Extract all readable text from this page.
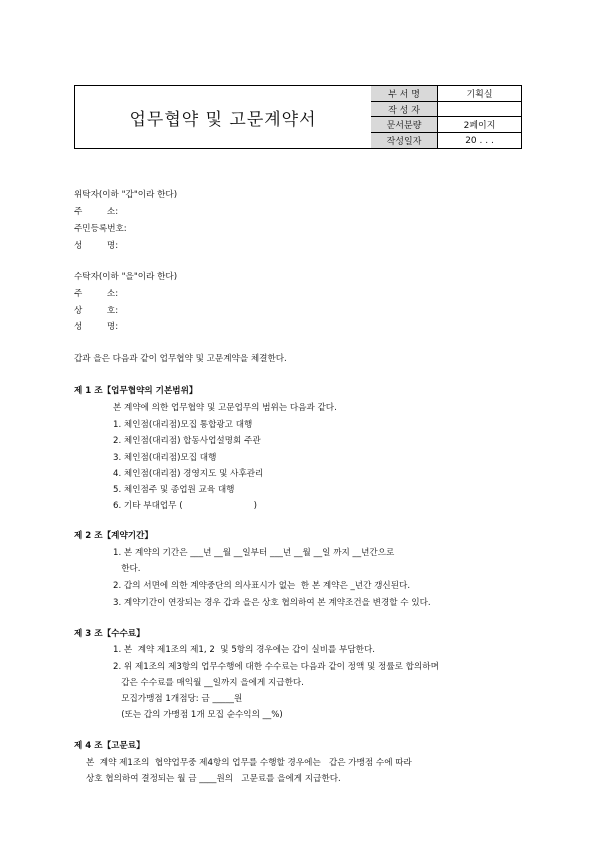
업무협약 및 고문계약서
부 서 명	기획실
작 성 자	
문서분량	2페이지
작성일자	20 . . .
위탁자(이하 "갑"이라 한다)
주         소:
주민등록번호:
성         명:
수탁자(이하 "을"이라 한다)
주         소:
상         호:
성         명:
갑과 을은 다음과 같이 업무협약 및 고문계약을 체결한다.
제 1 조【업무협약의 기본범위】
본 계약에 의한 업무협약 및 고문업무의 범위는 다음과 같다.
1. 체인점(대리점)모집 통합광고 대행
2. 체인점(대리점) 합동사업설명회 주관
3. 체인점(대리점)모집 대행
4. 체인점(대리점) 경영지도 및 사후관리
5. 체인점주 및 종업원 교육 대행
6. 기타 부대업무 (                          )
제 2 조【계약기간】
1. 본 계약의 기간은 ___년 __월 __일부터 ___년 __월 __일 까지 __년간으로
한다.
2. 갑의 서면에 의한 계약중단의 의사표시가 없는  한 본 계약은 _년간 갱신된다.
3. 계약기간이 연장되는 경우 갑과 을은 상호 협의하여 본 계약조건을 변경할 수 있다.
제 3 조【수수료】
1. 본  계약 제1조의 제1, 2  및 5항의 경우에는 갑이 실비를 부담한다.
2. 위 제1조의 제3항의 업무수행에 대한 수수료는 다음과 같이 정액 및 정률로 합의하며
갑은 수수료를 매익월 __일까지 을에게 지급한다.
모집가맹점 1개점당: 금 _____원
(또는 갑의 가맹점 1개 모집 순수익의 __%)
제 4 조【고문료】
본  계약 제1조의  협약업무중 제4항의 업무를 수행할 경우에는   갑은 가맹점 수에 따라
상호 협의하여 결정되는 월 금 ____원의   고문료를 을에게 지급한다.
